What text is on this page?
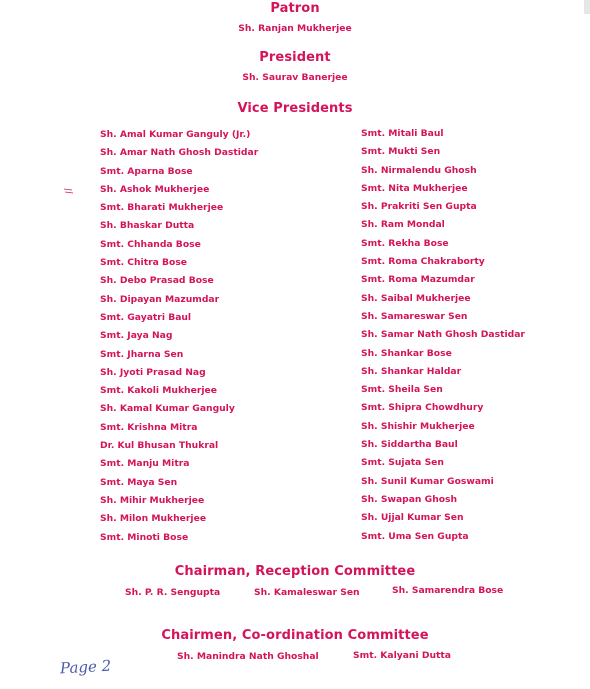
Patron
Sh. Ranjan Mukherjee
President
Sh. Saurav Banerjee
Vice Presidents
Sh. Amal Kumar Ganguly (Jr.)
Sh. Amar Nath Ghosh Dastidar
Smt. Aparna Bose
Sh. Ashok Mukherjee
Smt. Bharati Mukherjee
Sh. Bhaskar Dutta
Smt. Chhanda Bose
Smt. Chitra Bose
Sh. Debo Prasad Bose
Sh. Dipayan Mazumdar
Smt. Gayatri Baul
Smt. Jaya Nag
Smt. Jharna Sen
Sh. Jyoti Prasad Nag
Smt. Kakoli Mukherjee
Sh. Kamal Kumar Ganguly
Smt. Krishna Mitra
Dr. Kul Bhusan Thukral
Smt. Manju Mitra
Smt. Maya Sen
Sh. Mihir Mukherjee
Sh. Milon Mukherjee
Smt. Minoti Bose
Smt. Mitali Baul
Smt. Mukti Sen
Sh. Nirmalendu Ghosh
Smt. Nita Mukherjee
Sh. Prakriti Sen Gupta
Sh. Ram Mondal
Smt. Rekha Bose
Smt. Roma Chakraborty
Smt. Roma Mazumdar
Sh. Saibal Mukherjee
Sh. Samareswar Sen
Sh. Samar Nath Ghosh Dastidar
Sh. Shankar Bose
Sh. Shankar Haldar
Smt. Sheila Sen
Smt. Shipra Chowdhury
Sh. Shishir Mukherjee
Sh. Siddartha Baul
Smt. Sujata Sen
Sh. Sunil Kumar Goswami
Sh. Swapan Ghosh
Sh. Ujjal Kumar Sen
Smt. Uma Sen Gupta
Chairman, Reception Committee
Sh. P. R. Sengupta	Sh. Kamaleswar Sen	Sh. Samarendra Bose
Chairmen, Co-ordination Committee
Sh. Manindra Nath Ghoshal	Smt. Kalyani Dutta
Page 2
